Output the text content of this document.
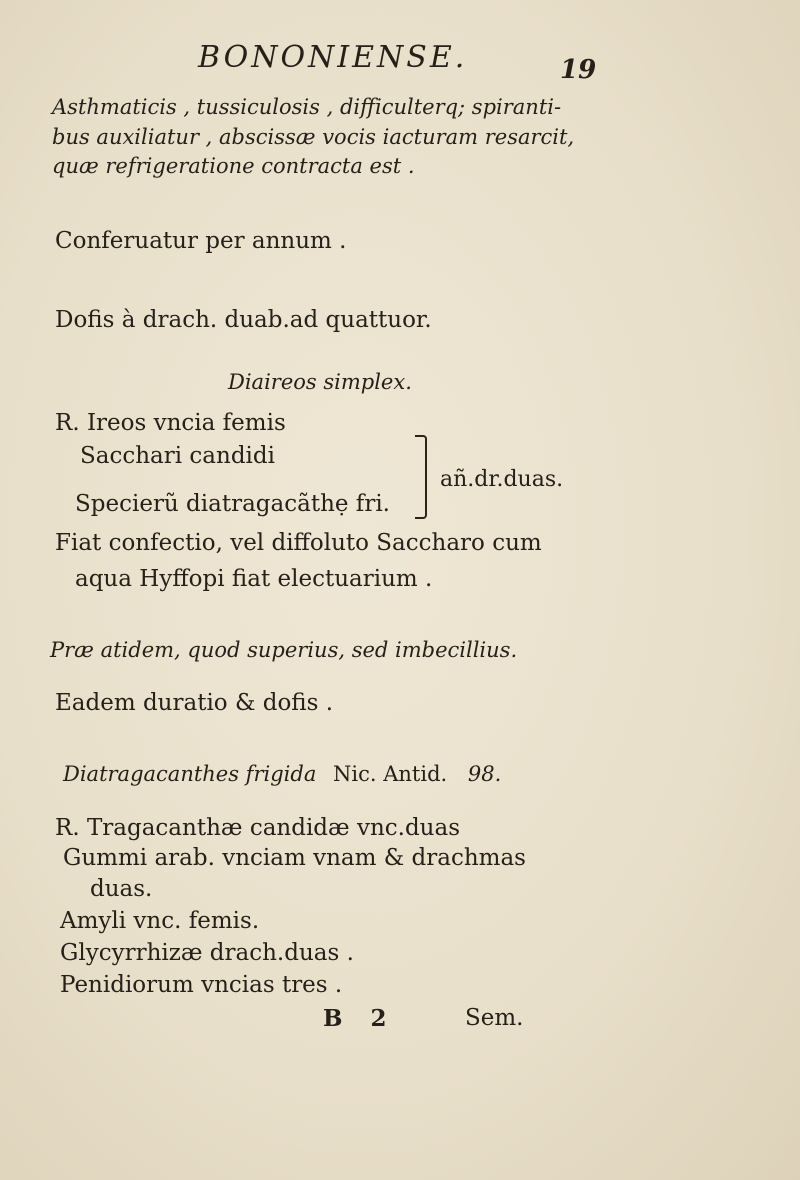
BONONIENSE.	19
Asthmaticis , tussiculosis , difficulterq; spiranti-
bus auxiliatur , abscissæ vocis iacturam resarcit,
quæ refrigeratione contracta est .
Conferuatur per annum .
Dofis à drach. duab.ad quattuor.
Diaireos simplex.
R. Ireos vncia femis
Sacchari candidi
Specierũ diatragacãthẹ fri.
añ.dr.duas.
Fiat confectio, vel diffoluto Saccharo cum
aqua Hyffopi fiat electuarium .
Præ atidem, quod superius, sed imbecillius.
Eadem duratio & dofis .
Diatragacanthes frigida Nic. Antid. 98.
R. Tragacanthæ candidæ vnc.duas
Gummi arab. vnciam vnam & drachmas
duas.
Amyli vnc. femis.
Glycyrrhizæ drach.duas .
Penidiorum vncias tres .
B 2	Sem.
